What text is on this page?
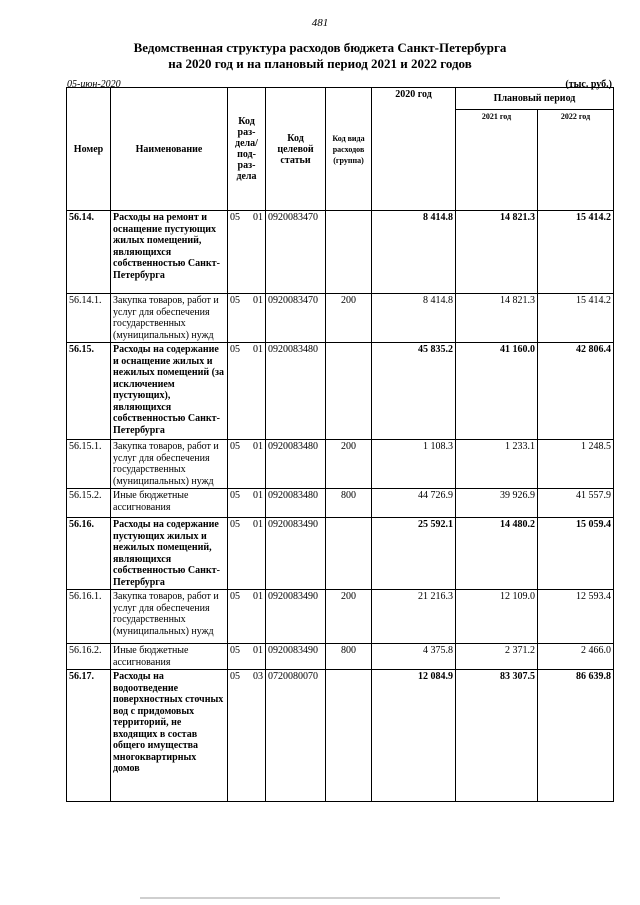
481
Ведомственная структура расходов бюджета Санкт-Петербурга
на 2020 год и на плановый период 2021 и 2022 годов
05-июн-2020	(тыс. руб.)
Номер	Наименование	Код раз-дела/ под-раз-дела	Код целевой статьи	Код вида расходов (группа)	2020 год	Плановый период	
						2021 год	2022 год
56.14.	Расходы на ремонт и оснащение пустующих жилых помещений, являющихся собственностью Санкт-Петербурга	05 01	0920083470		8 414.8	14 821.3	15 414.2
56.14.1.	Закупка товаров, работ и услуг для обеспечения государственных (муниципальных) нужд	05 01	0920083470	200	8 414.8	14 821.3	15 414.2
56.15.	Расходы на содержание и оснащение жилых и нежилых помещений (за исключением пустующих), являющихся собственностью Санкт-Петербурга	05 01	0920083480		45 835.2	41 160.0	42 806.4
56.15.1.	Закупка товаров, работ и услуг для обеспечения государственных (муниципальных) нужд	05 01	0920083480	200	1 108.3	1 233.1	1 248.5
56.15.2.	Иные бюджетные ассигнования	05 01	0920083480	800	44 726.9	39 926.9	41 557.9
56.16.	Расходы на содержание пустующих жилых и нежилых помещений, являющихся собственностью Санкт-Петербурга	05 01	0920083490		25 592.1	14 480.2	15 059.4
56.16.1.	Закупка товаров, работ и услуг для обеспечения государственных (муниципальных) нужд	05 01	0920083490	200	21 216.3	12 109.0	12 593.4
56.16.2.	Иные бюджетные ассигнования	05 01	0920083490	800	4 375.8	2 371.2	2 466.0
56.17.	Расходы на водоотведение поверхностных сточных вод с придомовых территорий, не входящих в состав общего имущества многоквартирных домов	05 03	0720080070		12 084.9	83 307.5	86 639.8
